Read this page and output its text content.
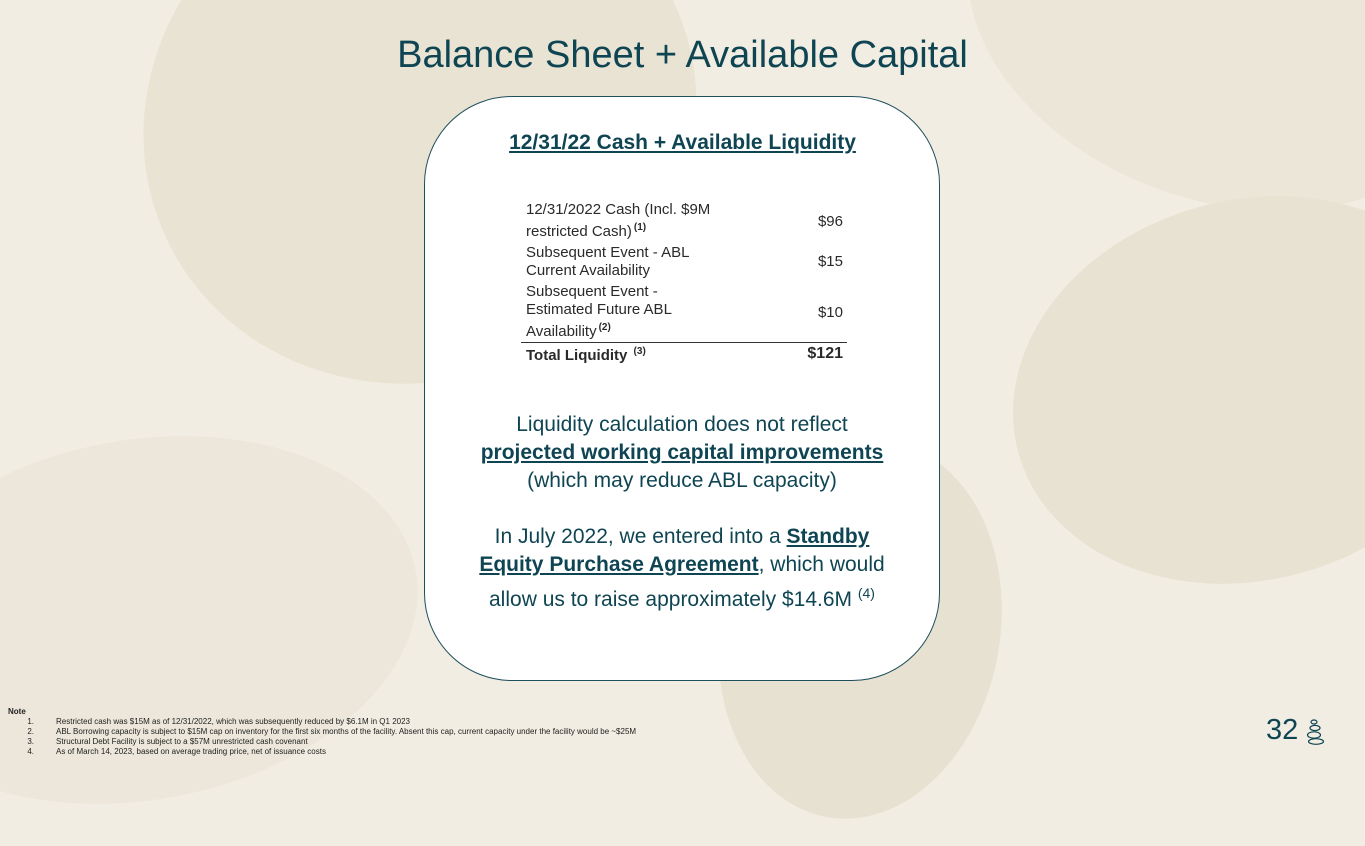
Balance Sheet + Available Capital
12/31/22 Cash + Available Liquidity
12/31/2022 Cash (Incl. $9M
restricted Cash) $^{(1)}$	$96
Subsequent Event - ABL
Current Availability	$15
Subsequent Event -
Estimated Future ABL
Availability $^{(2)}$	$10
Total Liquidity $^{(3)}$	$121

Liquidity calculation does not reflect
projected working capital improvements
(which may reduce ABL capacity)

In July 2022, we entered into a Standby
Equity Purchase Agreement, which would
allow us to raise approximately $14.6M $^{(4)}$

Note
1.	Restricted cash was $15M as of 12/31/2022, which was subsequently reduced by $6.1M in Q1 2023
2.	ABL Borrowing capacity is subject to $15M cap on inventory for the first six months of the facility. Absent this cap, current capacity under the facility would be ~$25M
3.	Structural Debt Facility is subject to a $57M unrestricted cash covenant
4.	As of March 14, 2023, based on average trading price, net of issuance costs
32
